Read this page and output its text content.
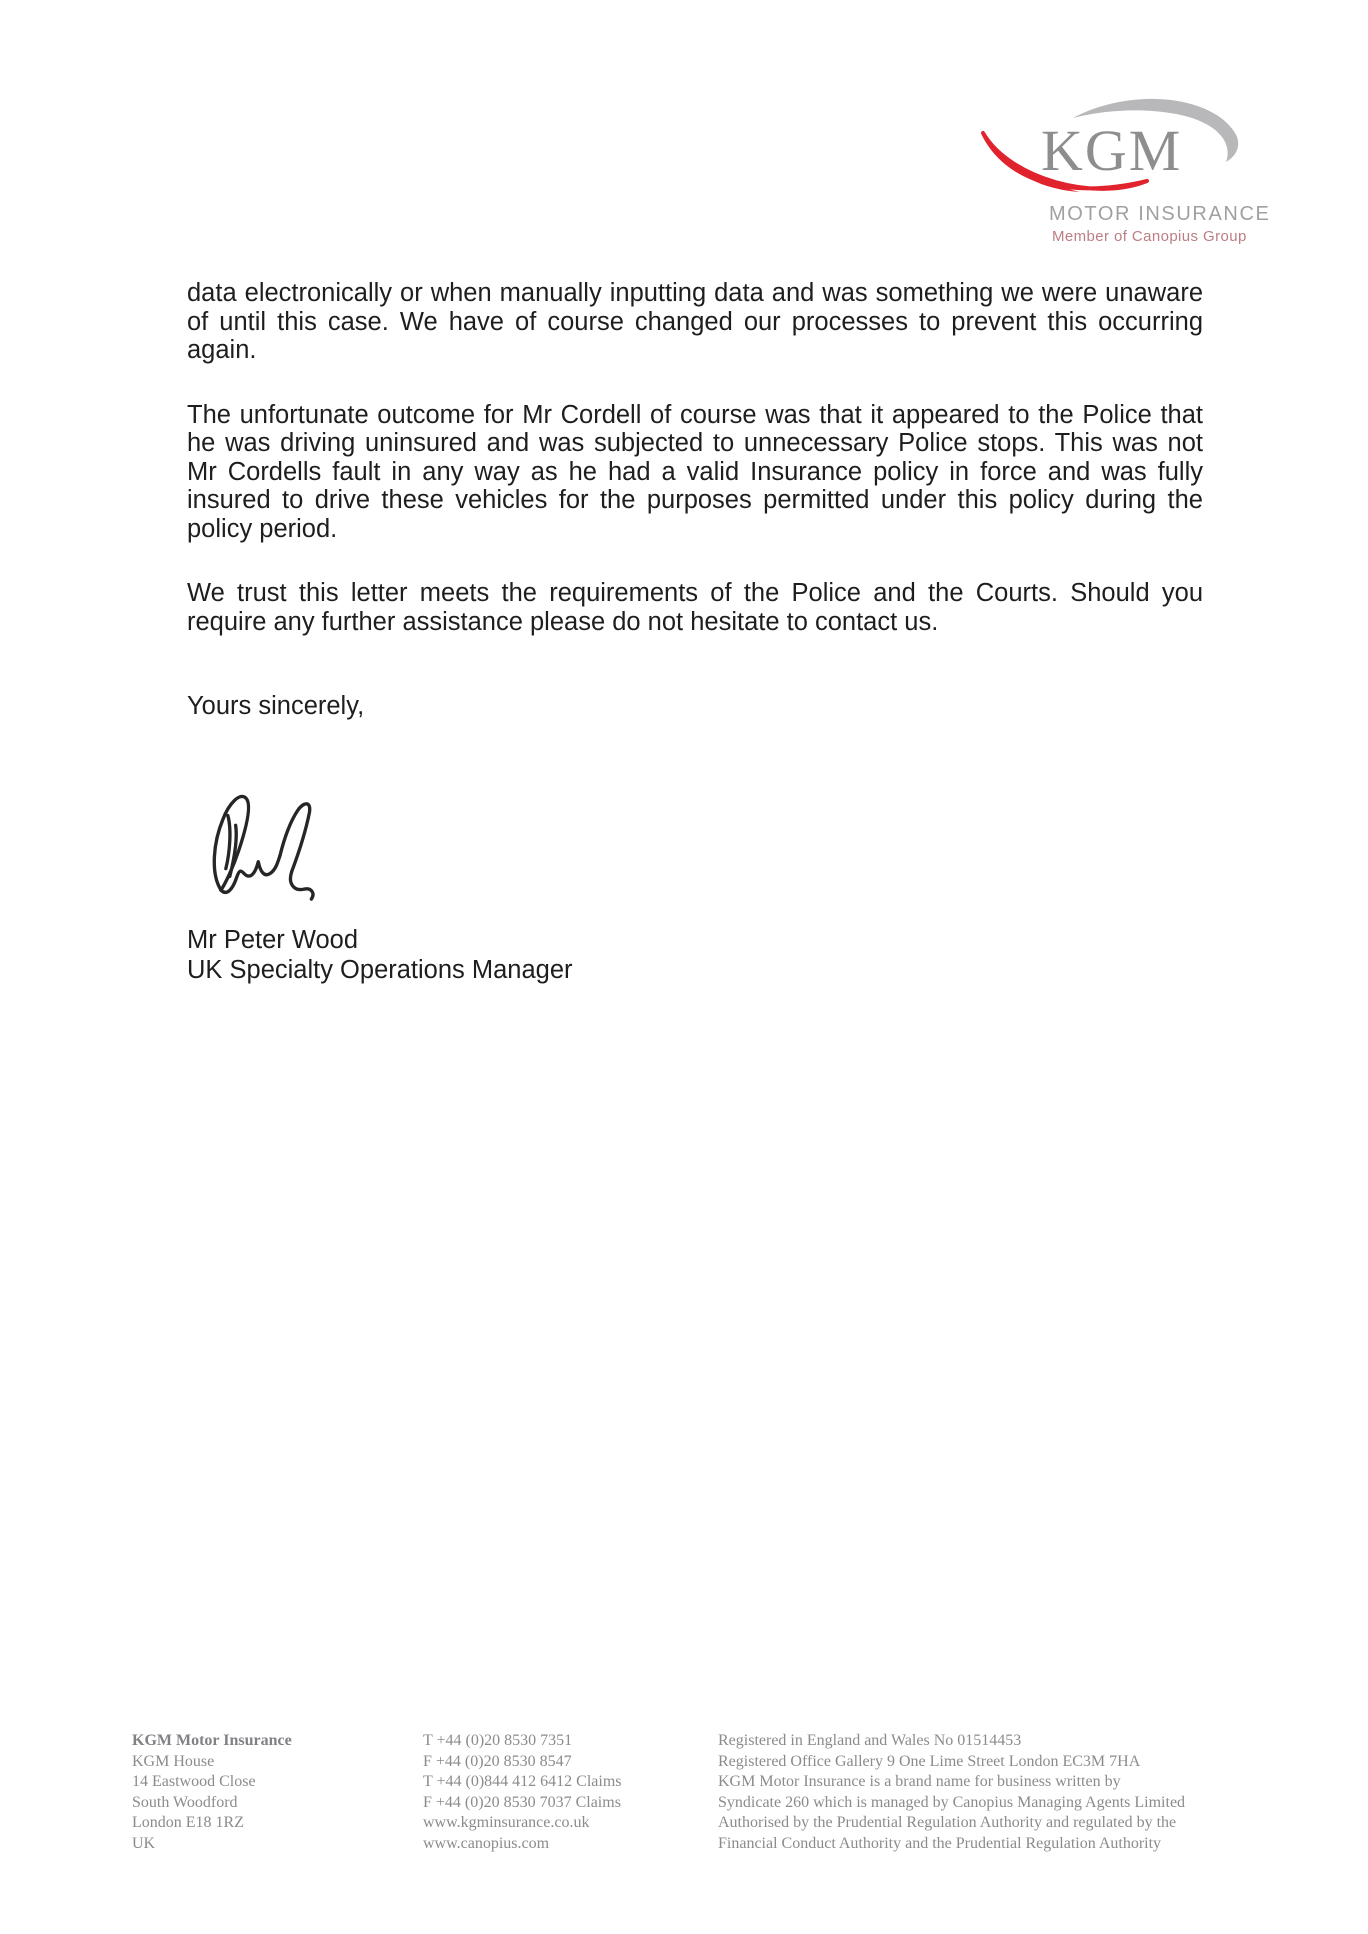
KGM
MOTOR INSURANCE
Member of Canopius Group

data electronically or when manually inputting data and was something we were unaware of until this case. We have of course changed our processes to prevent this occurring again.

The unfortunate outcome for Mr Cordell of course was that it appeared to the Police that he was driving uninsured and was subjected to unnecessary Police stops. This was not Mr Cordells fault in any way as he had a valid Insurance policy in force and was fully insured to drive these vehicles for the purposes permitted under this policy during the policy period.

We trust this letter meets the requirements of the Police and the Courts. Should you require any further assistance please do not hesitate to contact us.

Yours sincerely,
Mr Peter Wood
UK Specialty Operations Manager
KGM Motor Insurance
KGM House
14 Eastwood Close
South Woodford
London E18 1RZ
UK
T +44 (0)20 8530 7351
F +44 (0)20 8530 8547
T +44 (0)844 412 6412 Claims
F +44 (0)20 8530 7037 Claims
www.kgminsurance.co.uk
www.canopius.com
Registered in England and Wales No 01514453
Registered Office Gallery 9 One Lime Street London EC3M 7HA
KGM Motor Insurance is a brand name for business written by
Syndicate 260 which is managed by Canopius Managing Agents Limited
Authorised by the Prudential Regulation Authority and regulated by the
Financial Conduct Authority and the Prudential Regulation Authority
